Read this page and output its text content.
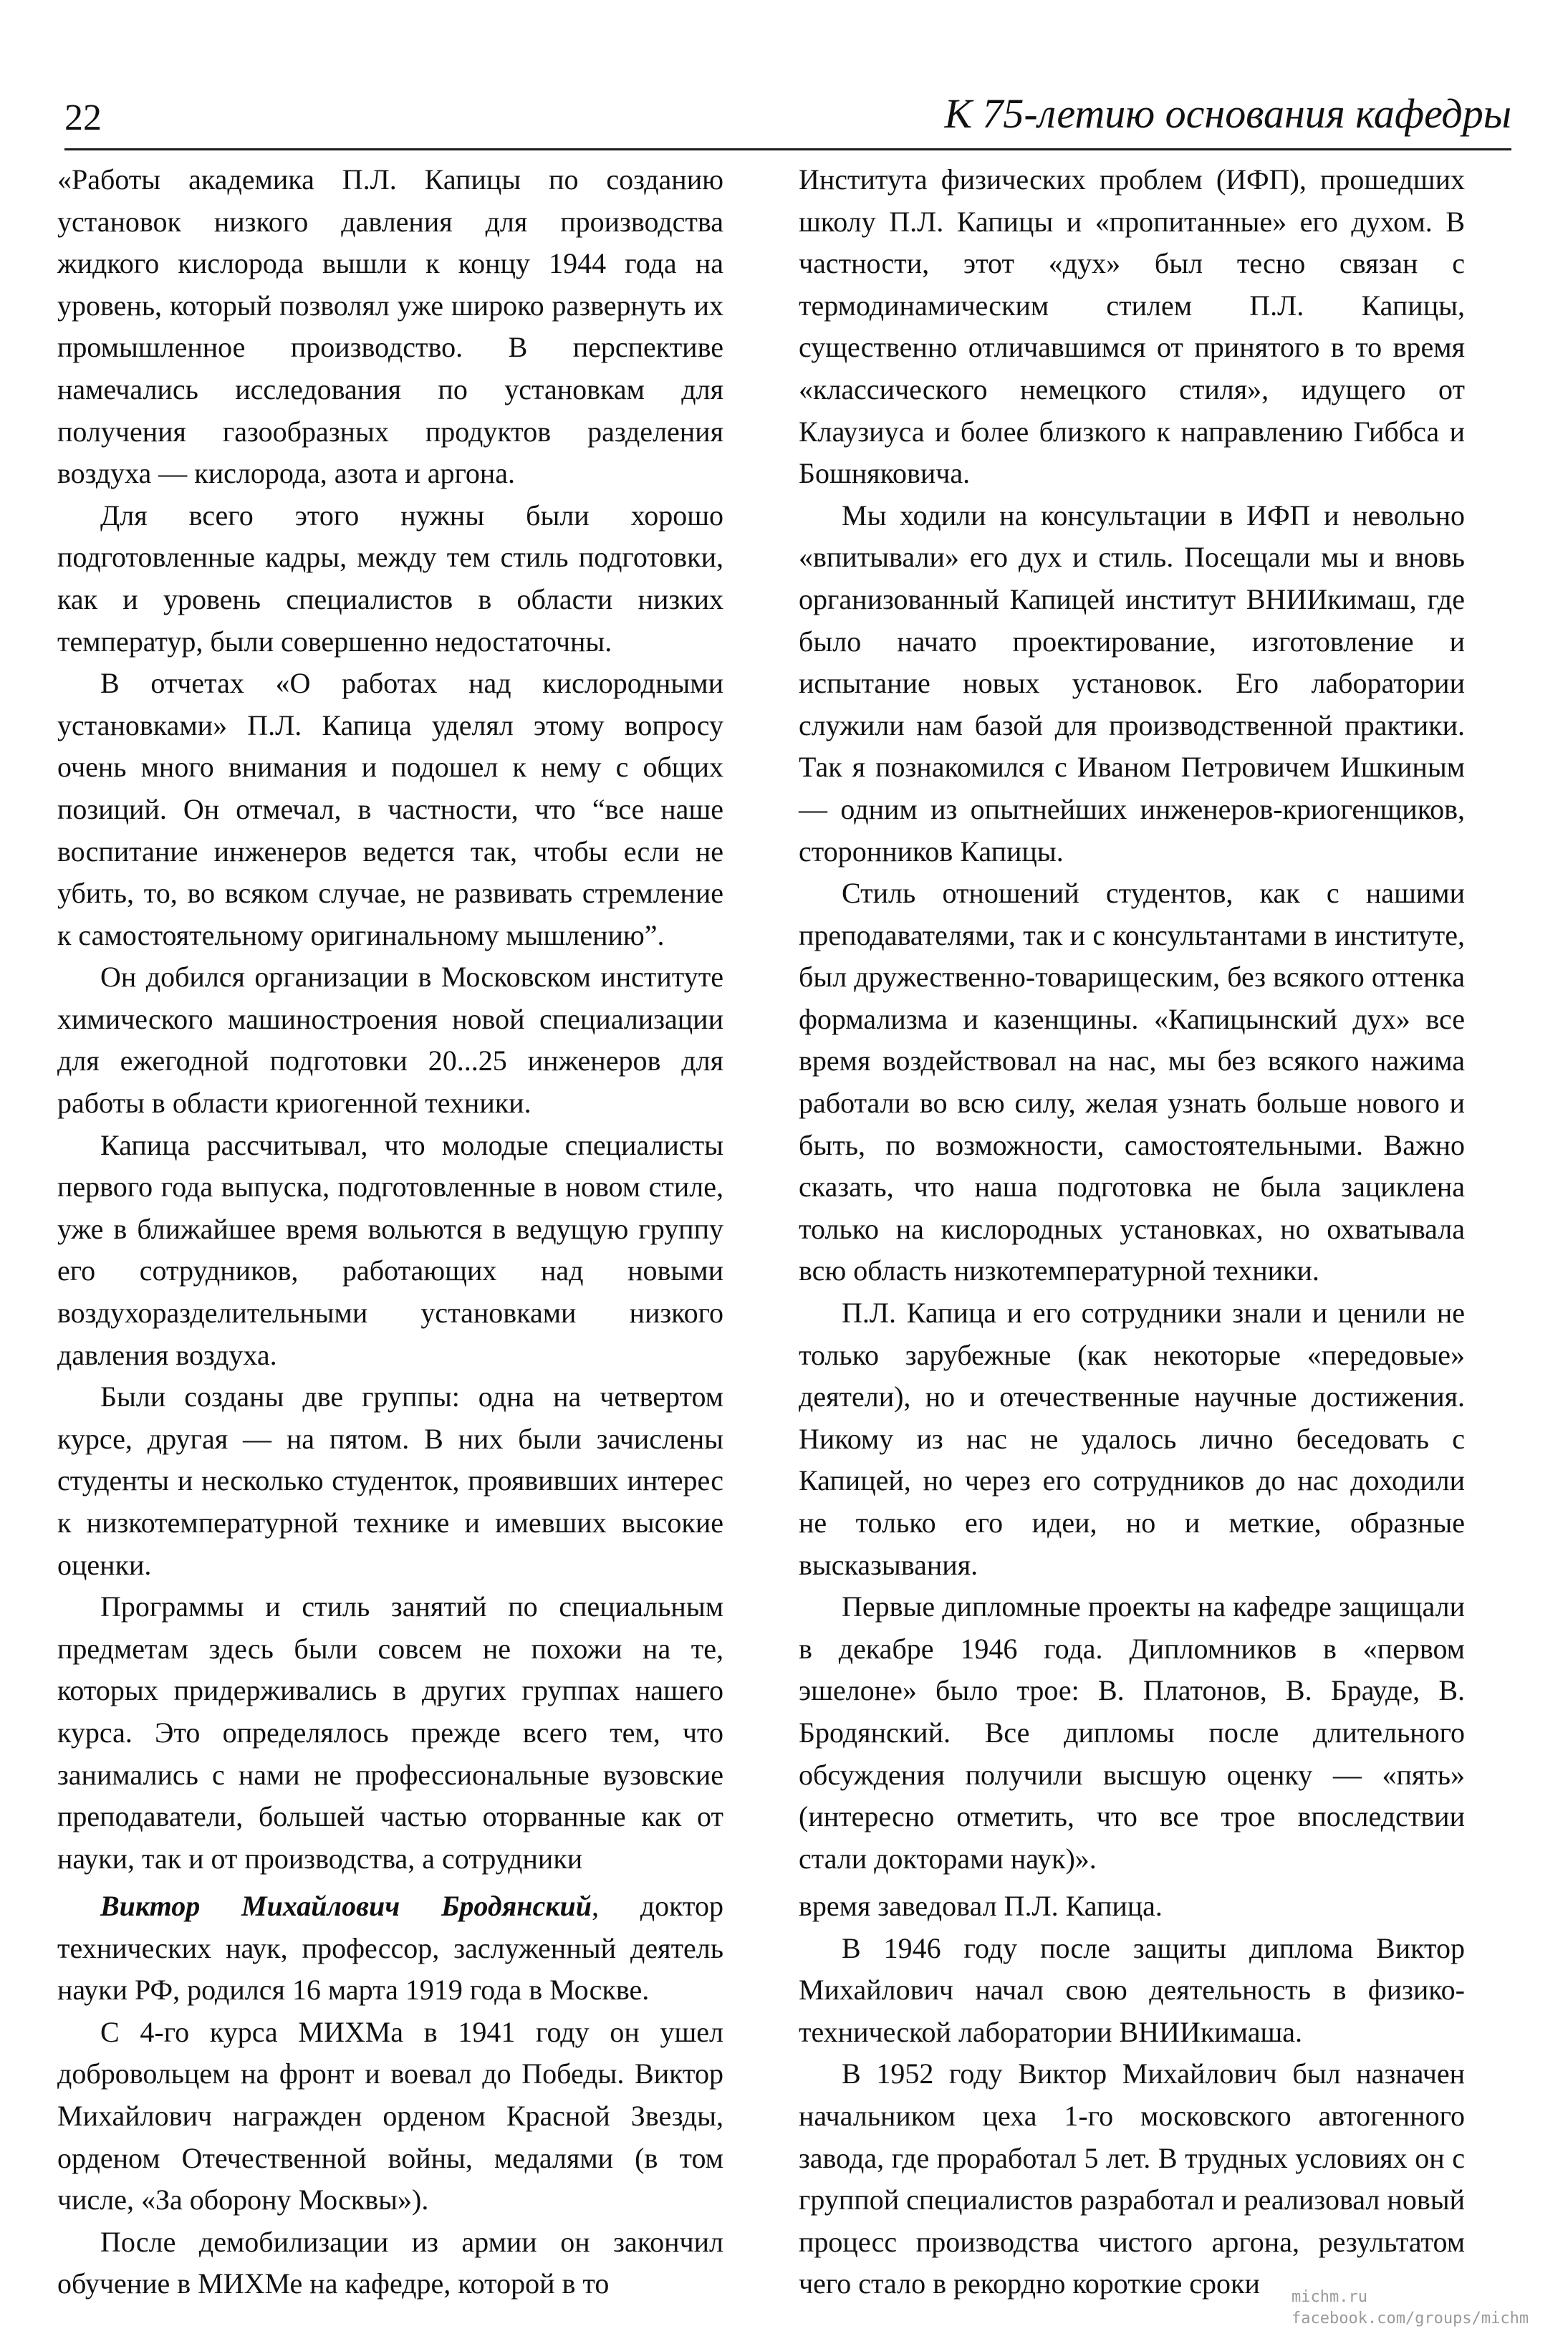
22	К 75-летию основания кафедры

«Работы академика П.Л. Капицы по созданию установок низкого давления для производства жидкого кислорода вышли к концу 1944 года на уровень, который позволял уже широко развернуть их промышленное производство. В перспективе намечались исследования по установкам для получения газообразных продуктов разделения воздуха — кислорода, азота и аргона.

Для всего этого нужны были хорошо подготовленные кадры, между тем стиль подготовки, как и уровень специалистов в области низких температур, были совершенно недостаточны.

В отчетах «О работах над кислородными установками» П.Л. Капица уделял этому вопросу очень много внимания и подошел к нему с общих позиций. Он отмечал, в частности, что “все наше воспитание инженеров ведется так, чтобы если не убить, то, во всяком случае, не развивать стремление к самостоятельному оригинальному мышлению”.

Он добился организации в Московском институте химического машиностроения новой специализации для ежегодной подготовки 20...25 инженеров для работы в области криогенной техники.

Капица рассчитывал, что молодые специалисты первого года выпуска, подготовленные в новом стиле, уже в ближайшее время вольются в ведущую группу его сотрудников, работающих над новыми воздухоразделительными установками низкого давления воздуха.

Были созданы две группы: одна на четвертом курсе, другая — на пятом. В них были зачислены студенты и несколько студенток, проявивших интерес к низкотемпературной технике и имевших высокие оценки.

Программы и стиль занятий по специальным предметам здесь были совсем не похожи на те, которых придерживались в других группах нашего курса. Это определялось прежде всего тем, что занимались с нами не профессиональные вузовские преподаватели, большей частью оторванные как от науки, так и от производства, а сотрудники

Института физических проблем (ИФП), прошедших школу П.Л. Капицы и «пропитанные» его духом. В частности, этот «дух» был тесно связан с термодинамическим стилем П.Л. Капицы, существенно отличавшимся от принятого в то время «классического немецкого стиля», идущего от Клаузиуса и более близкого к направлению Гиббса и Бошняковича.

Мы ходили на консультации в ИФП и невольно «впитывали» его дух и стиль. Посещали мы и вновь организованный Капицей институт ВНИИкимаш, где было начато проектирование, изготовление и испытание новых установок. Его лаборатории служили нам базой для производственной практики. Так я познакомился с Иваном Петровичем Ишкиным — одним из опытнейших инженеров-криогенщиков, сторонников Капицы.

Стиль отношений студентов, как с нашими преподавателями, так и с консультантами в институте, был дружественно-товарищеским, без всякого оттенка формализма и казенщины. «Капицынский дух» все время воздействовал на нас, мы без всякого нажима работали во всю силу, желая узнать больше нового и быть, по возможности, самостоятельными. Важно сказать, что наша подготовка не была зациклена только на кислородных установках, но охватывала всю область низкотемпературной техники.

П.Л. Капица и его сотрудники знали и ценили не только зарубежные (как некоторые «передовые» деятели), но и отечественные научные достижения. Никому из нас не удалось лично беседовать с Капицей, но через его сотрудников до нас доходили не только его идеи, но и меткие, образные высказывания.

Первые дипломные проекты на кафедре защищали в декабре 1946 года. Дипломников в «первом эшелоне» было трое: В. Платонов, В. Брауде, В. Бродянский. Все дипломы после длительного обсуждения получили высшую оценку — «пять» (интересно отметить, что все трое впоследствии стали докторами наук)».

Виктор Михайлович Бродянский, доктор технических наук, профессор, заслуженный деятель науки РФ, родился 16 марта 1919 года в Москве.

С 4-го курса МИХМа в 1941 году он ушел добровольцем на фронт и воевал до Победы. Виктор Михайлович награжден орденом Красной Звезды, орденом Отечественной войны, медалями (в том числе, «За оборону Москвы»).

После демобилизации из армии он закончил обучение в МИХМе на кафедре, которой в то

время заведовал П.Л. Капица.

В 1946 году после защиты диплома Виктор Михайлович начал свою деятельность в физико-технической лаборатории ВНИИкимаша.

В 1952 году Виктор Михайлович был назначен начальником цеха 1-го московского автогенного завода, где проработал 5 лет. В трудных условиях он с группой специалистов разработал и реализовал новый процесс производства чистого аргона, результатом чего стало в рекордно короткие сроки	michm.ru
facebook.com/groups/michm
